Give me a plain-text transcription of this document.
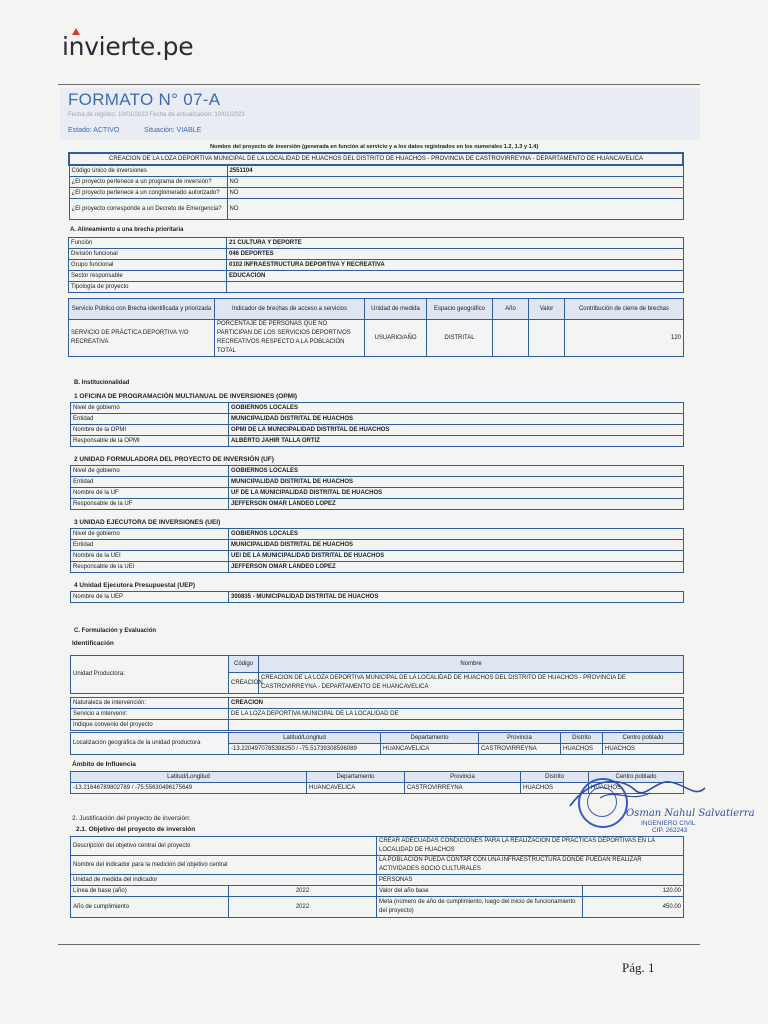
invierte.pe
FORMATO N° 07-A
Fecha de registro: 10/01/2023 Fecha de actualización: 10/01/2023
Estado: ACTIVO	Situación: VIABLE
Nombre del proyecto de inversión (generada en función al servicio y a los datos registrados en los numerales 1.2, 1.3 y 1.4)
CREACION DE LA LOZA DEPORTIVA MUNICIPAL DE LA LOCALIDAD DE HUACHOS DEL DISTRITO DE HUACHOS - PROVINCIA DE CASTROVIRREYNA - DEPARTAMENTO DE HUANCAVELICA	
Código único de inversiones	2551104
¿El proyecto pertenece a un programa de inversión?	NO
¿El proyecto pertenece a un conglomerado autorizado?	NO
¿El proyecto corresponde a un Decreto de Emergencia?	NO
A. Alineamiento a una brecha prioritaria
Función	21 CULTURA Y DEPORTE
División funcional	046 DEPORTES
Grupo funcional	0102 INFRAESTRUCTURA DEPORTIVA Y RECREATIVA
Sector responsable	EDUCACION
Tipología de proyecto	
Servicio Público con Brecha identificada y priorizada	Indicador de brechas de acceso a servicios	Unidad de medida	Espacio geográfico	Año	Valor	Contribución de cierre de brechas
SERVICIO DE PRÁCTICA DEPORTIVA Y/O RECREATIVA	PORCENTAJE DE PERSONAS QUE NO PARTICIPAN DE LOS SERVICIOS DEPORTIVOS RECREATIVOS RESPECTO A LA POBLACIÓN TOTAL	USUARIO/AÑO	DISTRITAL			120
B. Institucionalidad
1 OFICINA DE PROGRAMACIÓN MULTIANUAL DE INVERSIONES (OPMI)
Nivel de gobierno	GOBIERNOS LOCALES
Entidad	MUNICIPALIDAD DISTRITAL DE HUACHOS
Nombre de la OPMI	OPMI DE LA MUNICIPALIDAD DISTRITAL DE HUACHOS
Responsable de la OPMI	ALBERTO JAHIR TALLA ORTIZ
2 UNIDAD FORMULADORA DEL PROYECTO DE INVERSIÓN (UF)
Nivel de gobierno	GOBIERNOS LOCALES
Entidad	MUNICIPALIDAD DISTRITAL DE HUACHOS
Nombre de la UF	UF DE LA MUNICIPALIDAD DISTRITAL DE HUACHOS
Responsable de la UF	JEFFERSON OMAR LANDEO LOPEZ
3 UNIDAD EJECUTORA DE INVERSIONES (UEI)
Nivel de gobierno	GOBIERNOS LOCALES
Entidad	MUNICIPALIDAD DISTRITAL DE HUACHOS
Nombre de la UEI	UEI DE LA MUNICIPALIDAD DISTRITAL DE HUACHOS
Responsable de la UEI	JEFFERSON OMAR LANDEO LOPEZ
4 Unidad Ejecutora Presupuestal (UEP)
Nombre de la UEP	300835 - MUNICIPALIDAD DISTRITAL DE HUACHOS
C. Formulación y Evaluación
Identificación
Unidad Productora:	Código	Nombre
	CREACION	CREACION DE LA LOZA DEPORTIVA MUNICIPAL DE LA LOCALIDAD DE HUACHOS DEL DISTRITO DE HUACHOS - PROVINCIA DE CASTROVIRREYNA - DEPARTAMENTO DE HUANCAVELICA
Naturaleza de intervención:	CREACION
Servicio a intervenir:	DE LA LOZA DEPORTIVA MUNICIPAL DE LA LOCALIDAD DE
Indique convenio del proyecto	
Localización geográfica de la unidad productora	Latitud/Longitud	Departamento	Provincia	Distrito	Centro poblado
	-13.2204970785398250 / -75.51739308596089	HUANCAVELICA	CASTROVIRREYNA	HUACHOS	HUACHOS
Ámbito de Influencia
Latitud/Longitud	Departamento	Provincia	Distrito	Centro poblado
-13.21646789802789 / -75.55630496175649	HUANCAVELICA	CASTROVIRREYNA	HUACHOS	HUACHOS
Osman Nahul Salvatierra
INGENIERO CIVIL
CIP. 262243
2. Justificación del proyecto de inversión:
2.1. Objetivo del proyecto de inversión
Descripción del objetivo central del proyecto		CREAR ADECUADAS CONDICIONES PARA LA REALIZACION DE PRACTICAS DEPORTIVAS EN LA LOCALIDAD DE HUACHOS	
Nombre del indicador para la medición del objetivo central		LA POBLACION PUEDA CONTAR CON UNA INFRAESTRUCTURA DONDE PUEDAN REALIZAR ACTIVIDADES SOCIO CULTURALES	
Unidad de medida del indicador		PERSONAS	
Línea de base (año)	2022	Valor del año base	120.00
Año de cumplimiento	2022	Meta (número de año de cumplimiento, luego del inicio de funcionamiento del proyecto)	450.00
Pág. 1
